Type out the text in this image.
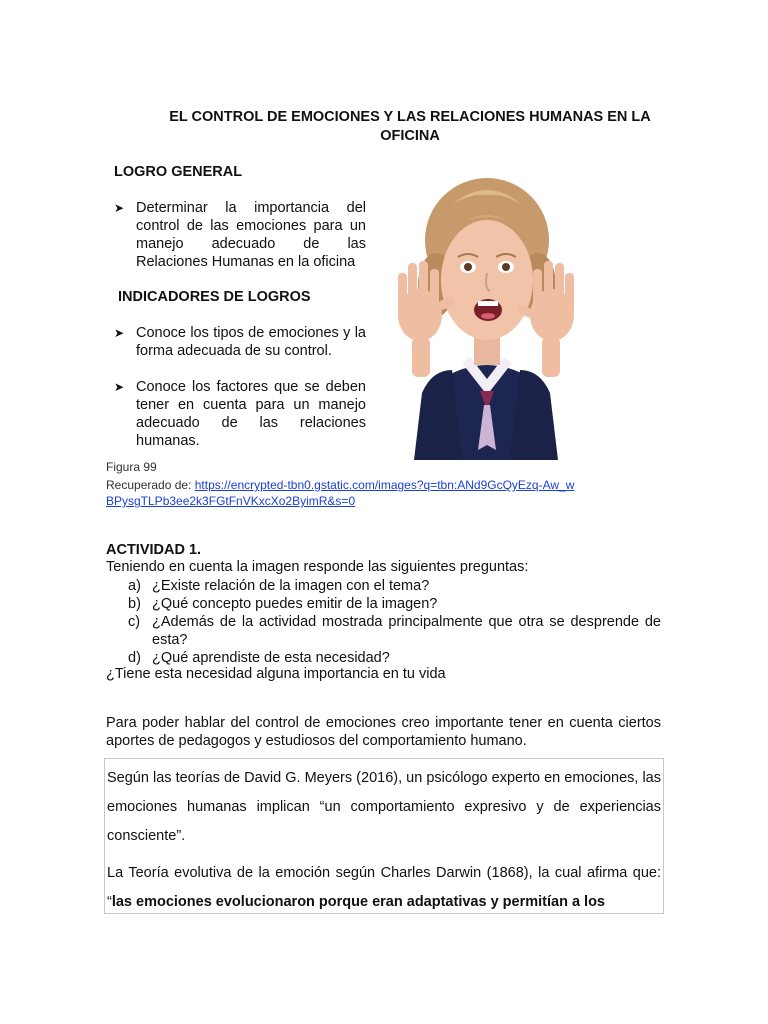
EL CONTROL DE EMOCIONES Y LAS RELACIONES HUMANAS EN LA OFICINA
LOGRO GENERAL
➤ Determinar la importancia del control de las emociones para un manejo adecuado de las Relaciones Humanas en la oficina
INDICADORES DE LOGROS
➤ Conoce los tipos de emociones y la forma adecuada de su control.
➤ Conoce los factores que se deben tener en cuenta para un manejo adecuado de las relaciones humanas.
Figura 99
Recuperado de: https://encrypted-tbn0.gstatic.com/images?q=tbn:ANd9GcQyEzq-Aw_wBPysgTLPb3ee2k3FGtFnVKxcXo2ByimR&s=0
ACTIVIDAD 1.
Teniendo en cuenta la imagen responde las siguientes preguntas:
a) ¿Existe relación de la imagen con el tema?
b) ¿Qué concepto puedes emitir de la imagen?
c) ¿Además de la actividad mostrada principalmente que otra se desprende de esta?
d) ¿Qué aprendiste de esta necesidad?
¿Tiene esta necesidad alguna importancia en tu vida
Para poder hablar del control de emociones creo importante tener en cuenta ciertos aportes de pedagogos y estudiosos del comportamiento humano.

Según las teorías de David G. Meyers (2016), un psicólogo experto en emociones, las emociones humanas implican “un comportamiento expresivo y de experiencias consciente”.

La Teoría evolutiva de la emoción según Charles Darwin (1868), la cual afirma que: “las emociones evolucionaron porque eran adaptativas y permitían a los
